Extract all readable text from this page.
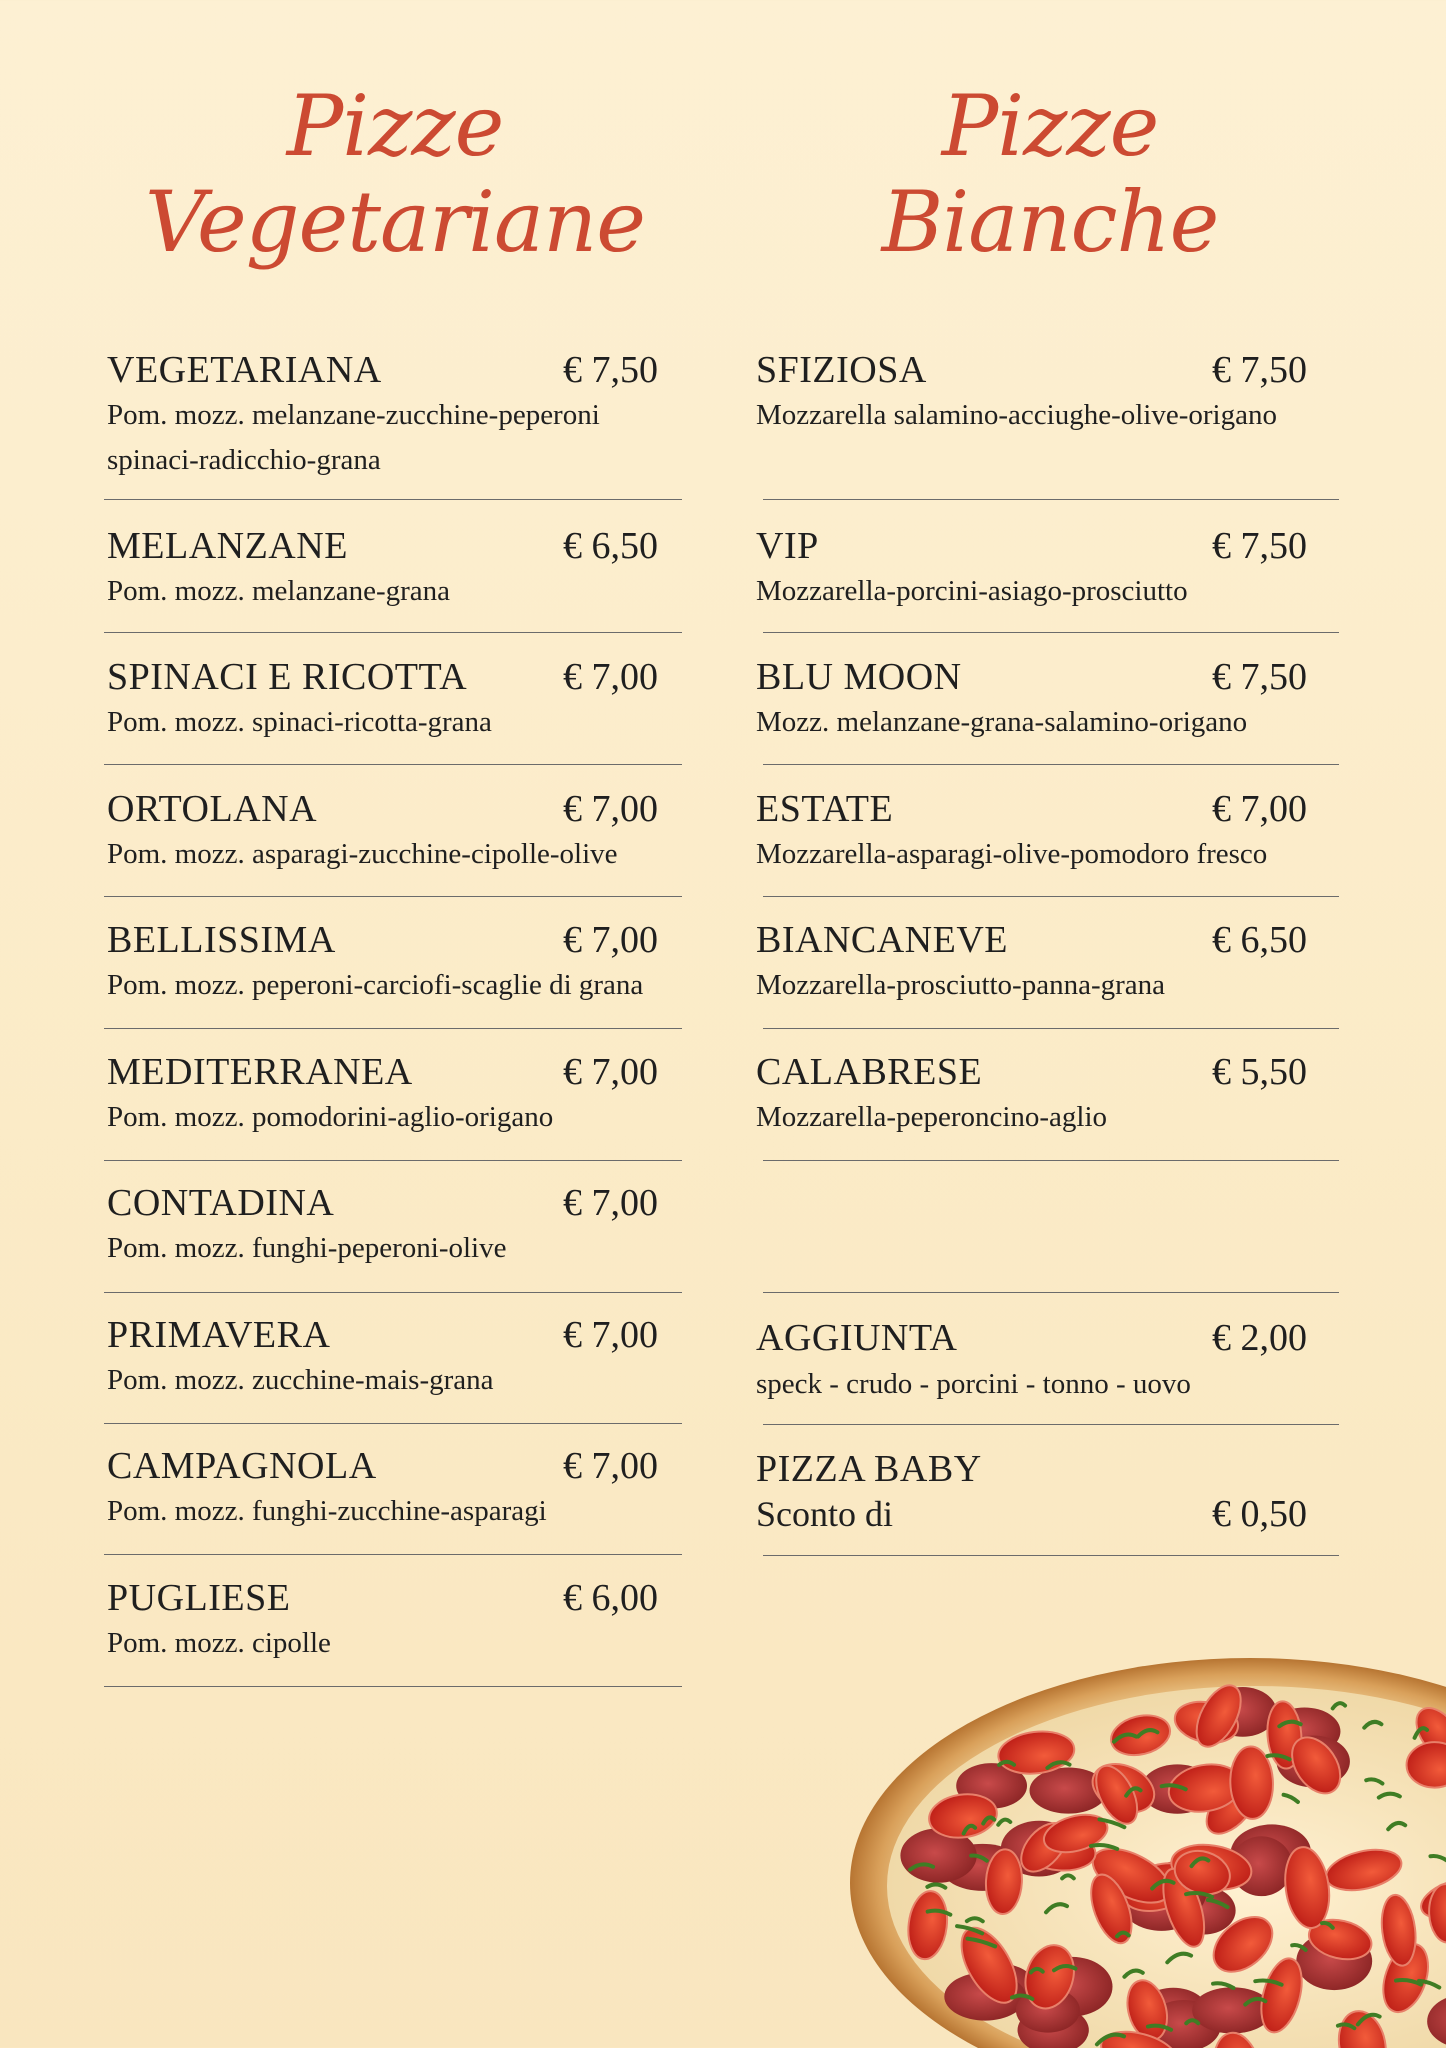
Pizze
Vegetariane
Pizze
Bianche
VEGETARIANA	€ 7,50
Pom. mozz. melanzane-zucchine-peperoni
spinaci-radicchio-grana
MELANZANE	€ 6,50
Pom. mozz. melanzane-grana
SPINACI E RICOTTA	€ 7,00
Pom. mozz. spinaci-ricotta-grana
ORTOLANA	€ 7,00
Pom. mozz. asparagi-zucchine-cipolle-olive
BELLISSIMA	€ 7,00
Pom. mozz. peperoni-carciofi-scaglie di grana
MEDITERRANEA	€ 7,00
Pom. mozz. pomodorini-aglio-origano
CONTADINA	€ 7,00
Pom. mozz. funghi-peperoni-olive
PRIMAVERA	€ 7,00
Pom. mozz. zucchine-mais-grana
CAMPAGNOLA	€ 7,00
Pom. mozz. funghi-zucchine-asparagi
PUGLIESE	€ 6,00
Pom. mozz. cipolle
SFIZIOSA	€ 7,50
Mozzarella salamino-acciughe-olive-origano
VIP	€ 7,50
Mozzarella-porcini-asiago-prosciutto
BLU MOON	€ 7,50
Mozz. melanzane-grana-salamino-origano
ESTATE	€ 7,00
Mozzarella-asparagi-olive-pomodoro fresco
BIANCANEVE	€ 6,50
Mozzarella-prosciutto-panna-grana
CALABRESE	€ 5,50
Mozzarella-peperoncino-aglio
AGGIUNTA	€ 2,00
speck - crudo - porcini - tonno - uovo
PIZZA BABY
Sconto di	€ 0,50
